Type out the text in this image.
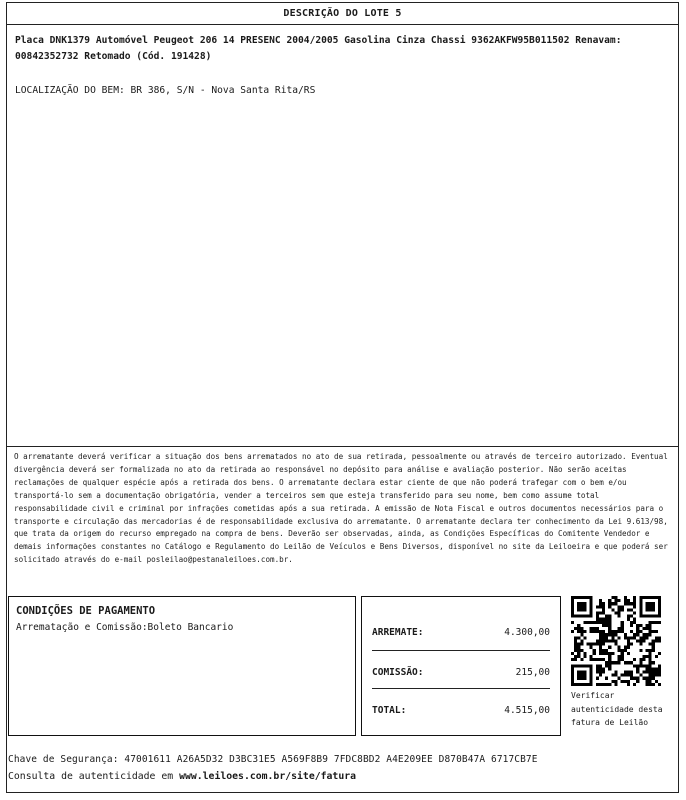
DESCRIÇÃO DO LOTE 5
Placa DNK1379 Automóvel Peugeot 206 14 PRESENC 2004/2005 Gasolina Cinza Chassi 9362AKFW95B011502 Renavam: 00842352732 Retomado (Cód. 191428)
LOCALIZAÇÃO DO BEM: BR 386, S/N - Nova Santa Rita/RS
O arrematante deverá verificar a situação dos bens arrematados no ato de sua retirada, pessoalmente ou através de terceiro autorizado. Eventual divergência deverá ser formalizada no ato da retirada ao responsável no depósito para análise e avaliação posterior. Não serão aceitas reclamações de qualquer espécie após a retirada dos bens. O arrematante declara estar ciente de que não poderá trafegar com o bem e/ou transportá-lo sem a documentação obrigatória, vender a terceiros sem que esteja transferido para seu nome, bem como assume total responsabilidade civil e criminal por infrações cometidas após a sua retirada. A emissão de Nota Fiscal e outros documentos necessários para o transporte e circulação das mercadorias é de responsabilidade exclusiva do arrematante. O arrematante declara ter conhecimento da Lei 9.613/98, que trata da origem do recurso empregado na compra de bens. Deverão ser observadas, ainda, as Condições Específicas do Comitente Vendedor e demais informações constantes no Catálogo e Regulamento do Leilão de Veículos e Bens Diversos, disponível no site da Leiloeira e que poderá ser solicitado através do e-mail posleilao@pestanaleiloes.com.br.
CONDIÇÕES DE PAGAMENTO
Arrematação e Comissão:Boleto Bancario	ARREMATE:	4.300,00
COMISSÃO:	215,00
TOTAL:	4.515,00
Verificar autenticidade desta fatura de Leilão
Chave de Segurança: 47001611 A26A5D32 D3BC31E5 A569F8B9 7FDC8BD2 A4E209EE D870B47A 6717CB7E
Consulta de autenticidade em www.leiloes.com.br/site/fatura
